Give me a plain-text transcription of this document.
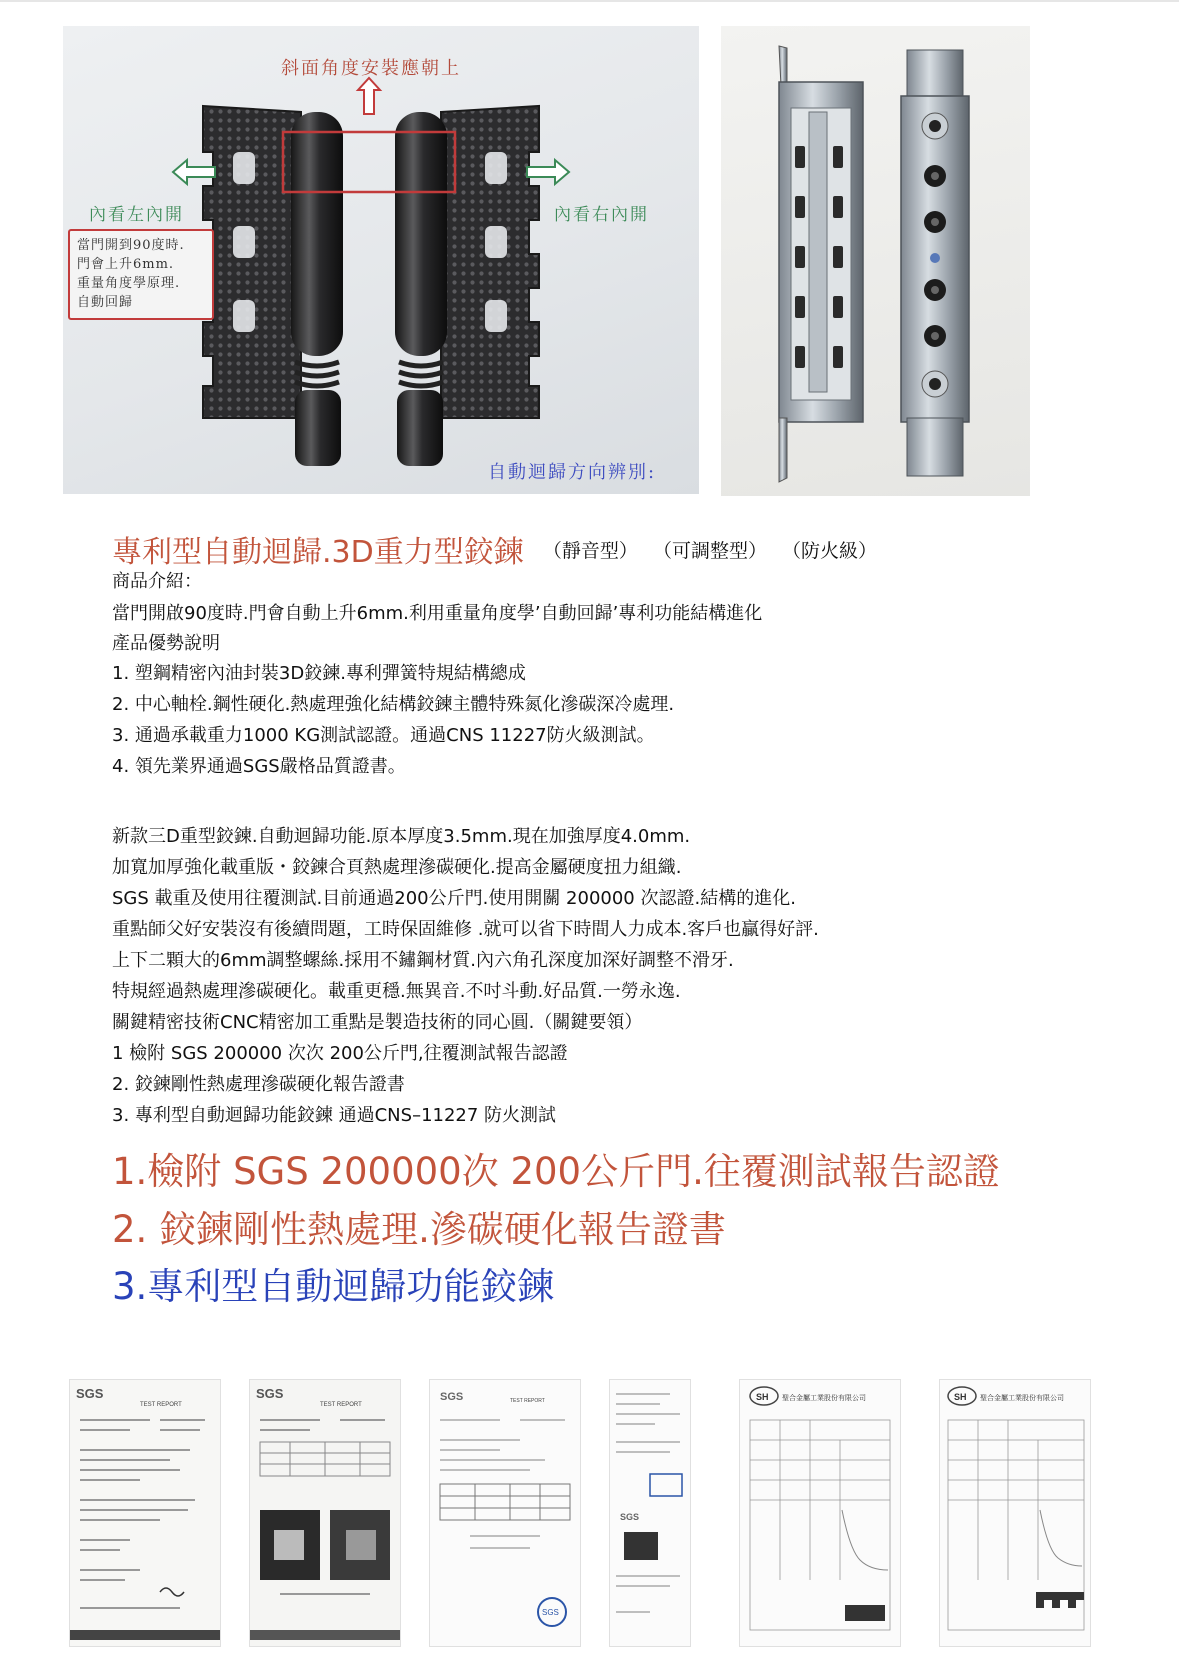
斜面角度安裝應朝上
內看左內開	內看右內開
自動迴歸方向辨別:
當門開到90度時.
門會上升6mm.
重量角度學原理.
自動回歸
專利型自動迴歸.3D重力型鉸鍊 （靜音型） （可調整型） （防火級）
商品介紹：
當門開啟90度時.門會自動上升6mm.利用重量角度學’自動回歸’專利功能結構進化
產品優勢說明
1. 塑鋼精密內油封裝3D鉸鍊.專利彈簧特規結構總成
2. 中心軸栓.鋼性硬化.熱處理強化結構鉸鍊主體特殊氮化滲碳深冷處理.
3. 通過承載重力1000 KG測試認證。通過CNS 11227防火級測試。
4. 領先業界通過SGS嚴格品質證書。
新款三D重型鉸鍊.自動迴歸功能.原本厚度3.5mm.現在加強厚度4.0mm.
加寬加厚強化載重版・鉸鍊合頁熱處理滲碳硬化.提高金屬硬度扭力組織.
SGS 載重及使用往覆測試.目前通過200公斤門.使用開關 200000 次認證.結構的進化.
重點師父好安裝沒有後續問題，工時保固維修 .就可以省下時間人力成本.客戶也贏得好評.
上下二顆大的6mm調整螺絲.採用不鏽鋼材質.內六角孔深度加深好調整不滑牙.
特規經過熱處理滲碳硬化。載重更穩.無異音.不吋斗動.好品質.一勞永逸.
關鍵精密技術CNC精密加工重點是製造技術的同心圓.（關鍵要領）
1 檢附 SGS 200000 次次 200公斤門,往覆測試報告認證
2. 鉸鍊剛性熱處理滲碳硬化報告證書
3. 專利型自動迴歸功能鉸鍊 通過CNS–11227 防火測試
1.檢附 SGS 200000次 200公斤門.往覆測試報告認證
2. 鉸鍊剛性熱處理.滲碳硬化報告證書
3.專利型自動迴歸功能鉸鍊
SGS
TEST REPORT
SGS
TEST REPORT
SGS	TEST REPORT
SGS
SGS
SH 聖合金屬工業股份有限公司	SH 聖合金屬工業股份有限公司
